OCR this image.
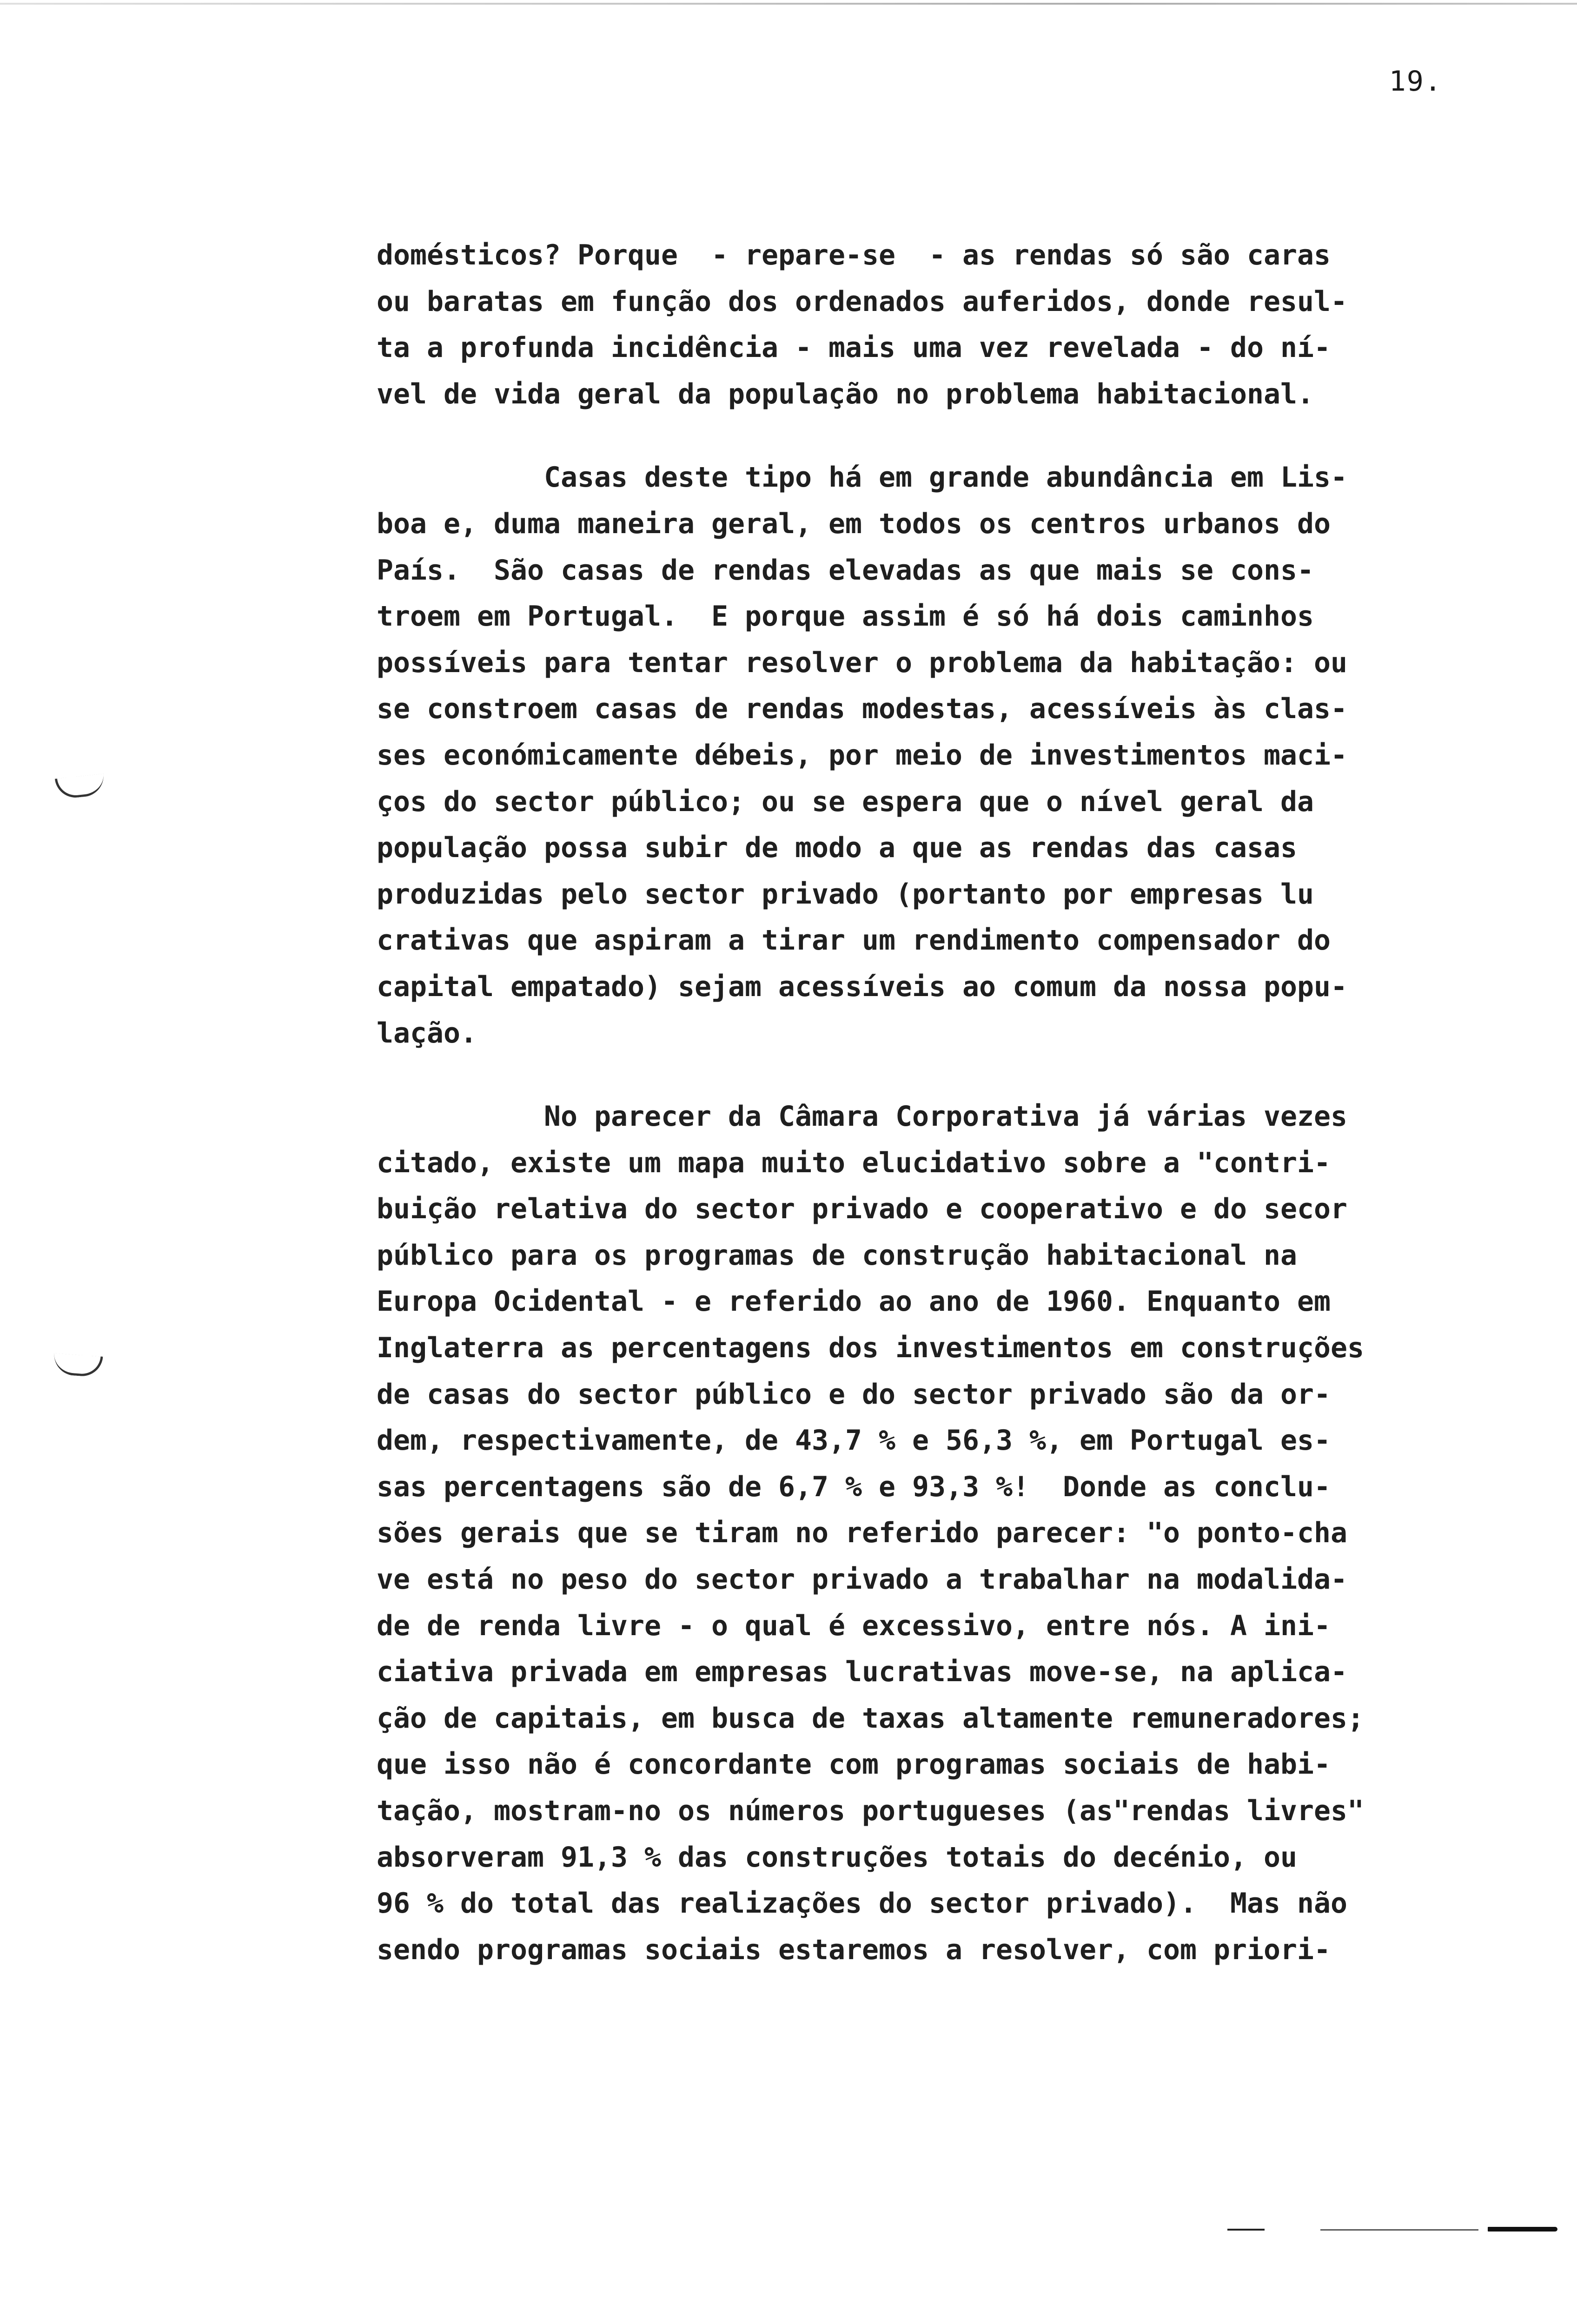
19.
domésticos? Porque  - repare-se  - as rendas só são caras
ou baratas em função dos ordenados auferidos, donde resul-
ta a profunda incidência - mais uma vez revelada - do ní-
vel de vida geral da população no problema habitacional.
Casas deste tipo há em grande abundância em Lis-
boa e, duma maneira geral, em todos os centros urbanos do
País.  São casas de rendas elevadas as que mais se cons-
troem em Portugal.  E porque assim é só há dois caminhos
possíveis para tentar resolver o problema da habitação: ou
se constroem casas de rendas modestas, acessíveis às clas-
ses económicamente débeis, por meio de investimentos maci-
ços do sector público; ou se espera que o nível geral da
população possa subir de modo a que as rendas das casas
produzidas pelo sector privado (portanto por empresas lu
crativas que aspiram a tirar um rendimento compensador do
capital empatado) sejam acessíveis ao comum da nossa popu-
lação.
No parecer da Câmara Corporativa já várias vezes
citado, existe um mapa muito elucidativo sobre a "contri-
buição relativa do sector privado e cooperativo e do secor
público para os programas de construção habitacional na
Europa Ocidental - e referido ao ano de 1960. Enquanto em
Inglaterra as percentagens dos investimentos em construções
de casas do sector público e do sector privado são da or-
dem, respectivamente, de 43,7 % e 56,3 %, em Portugal es-
sas percentagens são de 6,7 % e 93,3 %!  Donde as conclu-
sões gerais que se tiram no referido parecer: "o ponto-cha
ve está no peso do sector privado a trabalhar na modalida-
de de renda livre - o qual é excessivo, entre nós. A ini-
ciativa privada em empresas lucrativas move-se, na aplica-
ção de capitais, em busca de taxas altamente remuneradores;
que isso não é concordante com programas sociais de habi-
tação, mostram-no os números portugueses (as"rendas livres"
absorveram 91,3 % das construções totais do decénio, ou
96 % do total das realizações do sector privado).  Mas não
sendo programas sociais estaremos a resolver, com priori-
